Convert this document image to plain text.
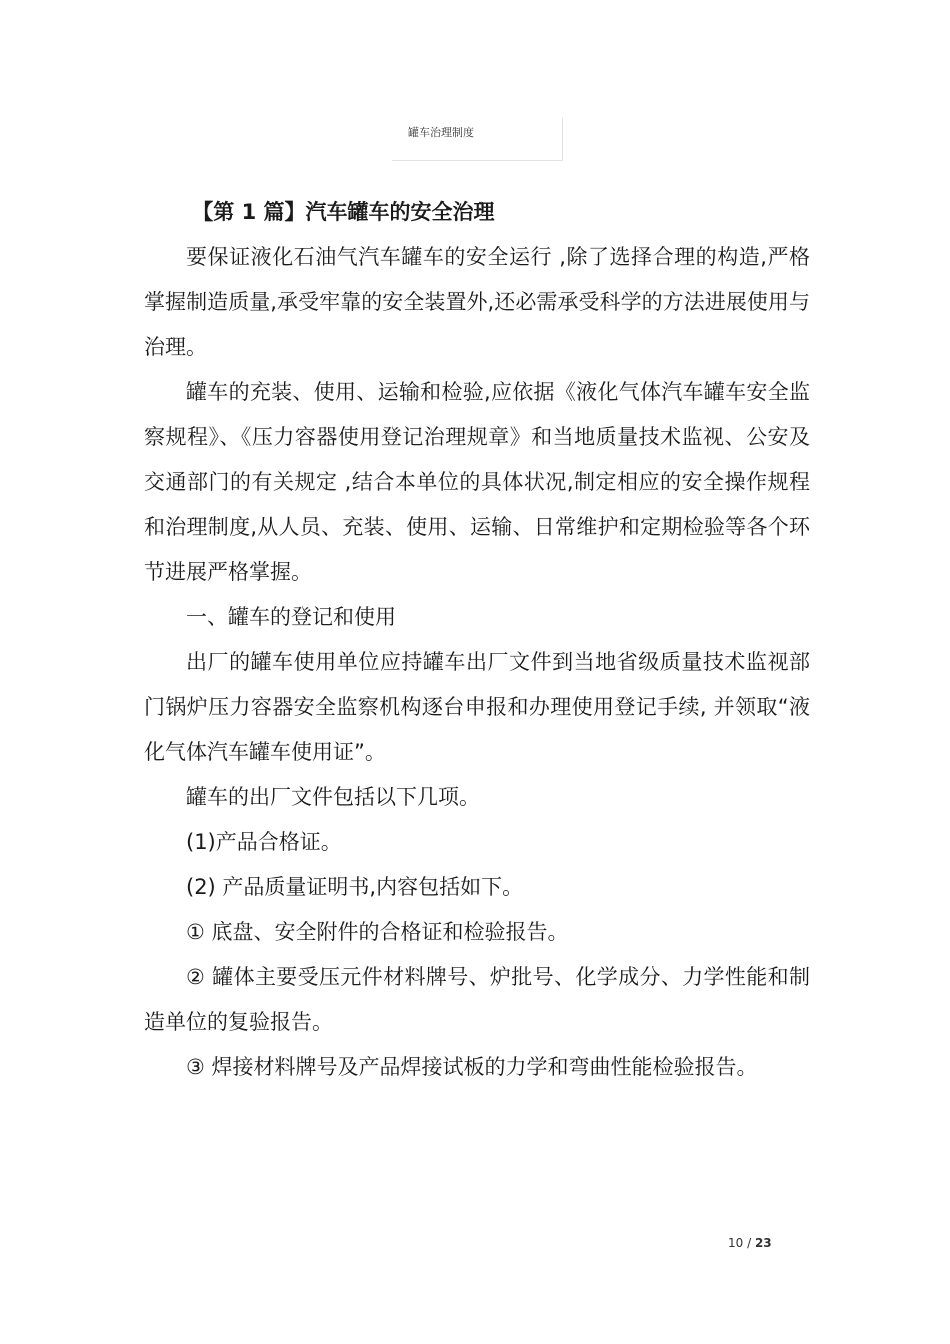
罐车治理制度

【第 1 篇】汽车罐车的安全治理

要保证液化石油气汽车罐车的安全运行 ,除了选择合理的构造,严格掌握制造质量,承受牢靠的安全装置外,还必需承受科学的方法进展使用与治理。

罐车的充装、使用、运输和检验,应依据《液化气体汽车罐车安全监察规程》、《压力容器使用登记治理规章》和当地质量技术监视、公安及交通部门的有关规定 ,结合本单位的具体状况,制定相应的安全操作规程和治理制度,从人员、充装、使用、运输、日常维护和定期检验等各个环节进展严格掌握。

一、罐车的登记和使用

出厂的罐车使用单位应持罐车出厂文件到当地省级质量技术监视部门锅炉压力容器安全监察机构逐台申报和办理使用登记手续, 并领取“液化气体汽车罐车使用证”。

罐车的出厂文件包括以下几项。

(1)产品合格证。

(2) 产品质量证明书,内容包括如下。

① 底盘、安全附件的合格证和检验报告。

② 罐体主要受压元件材料牌号、炉批号、化学成分、力学性能和制造单位的复验报告。

③ 焊接材料牌号及产品焊接试板的力学和弯曲性能检验报告。

10 / 23
